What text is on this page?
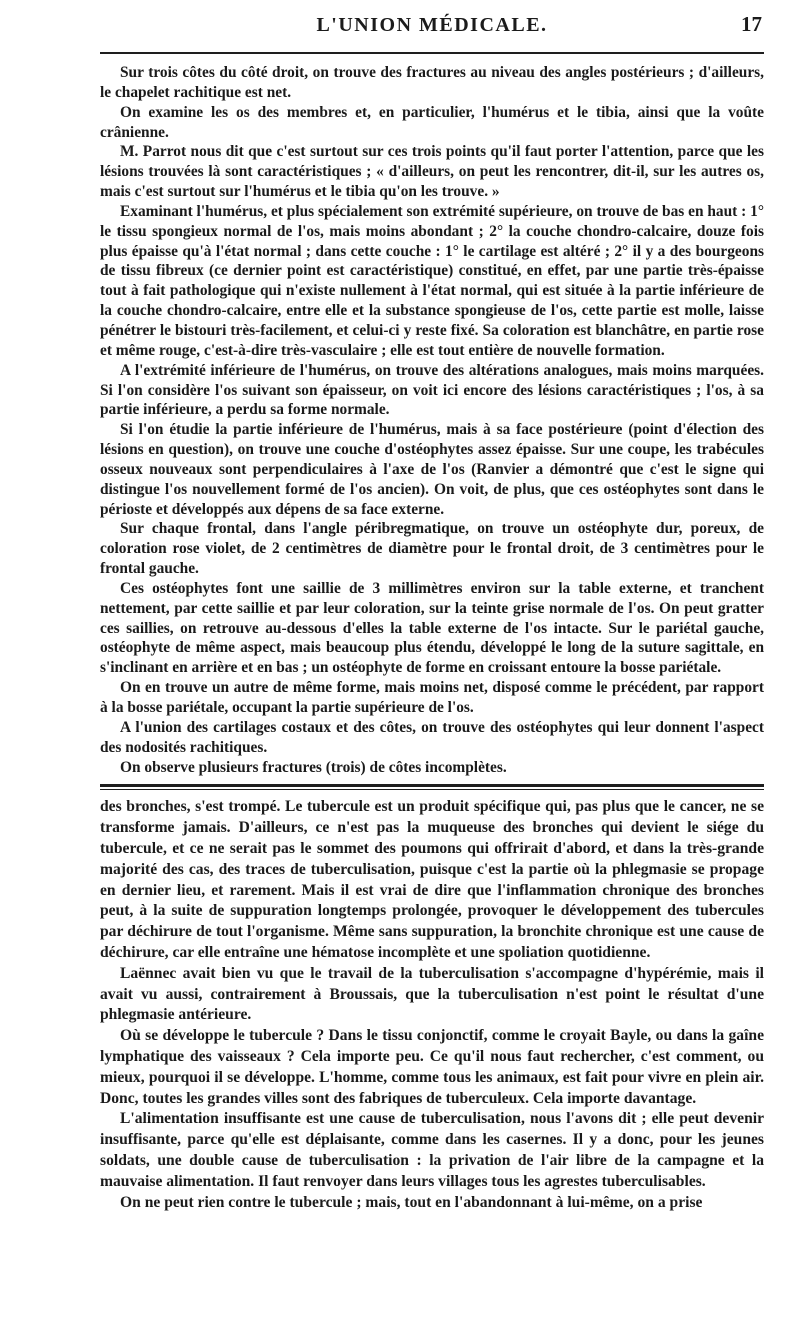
L'UNION MÉDICALE.	17

Sur trois côtes du côté droit, on trouve des fractures au niveau des angles postérieurs ; d'ailleurs, le chapelet rachitique est net.

On examine les os des membres et, en particulier, l'humérus et le tibia, ainsi que la voûte crânienne.

M. Parrot nous dit que c'est surtout sur ces trois points qu'il faut porter l'attention, parce que les lésions trouvées là sont caractéristiques ; « d'ailleurs, on peut les rencontrer, dit-il, sur les autres os, mais c'est surtout sur l'humérus et le tibia qu'on les trouve. »

Examinant l'humérus, et plus spécialement son extrémité supérieure, on trouve de bas en haut : 1° le tissu spongieux normal de l'os, mais moins abondant ; 2° la couche chondro-calcaire, douze fois plus épaisse qu'à l'état normal ; dans cette couche : 1° le cartilage est altéré ; 2° il y a des bourgeons de tissu fibreux (ce dernier point est caractéristique) constitué, en effet, par une partie très-épaisse tout à fait pathologique qui n'existe nullement à l'état normal, qui est située à la partie inférieure de la couche chondro-calcaire, entre elle et la substance spongieuse de l'os, cette partie est molle, laisse pénétrer le bistouri très-facilement, et celui-ci y reste fixé. Sa coloration est blanchâtre, en partie rose et même rouge, c'est-à-dire très-vasculaire ; elle est tout entière de nouvelle formation.

A l'extrémité inférieure de l'humérus, on trouve des altérations analogues, mais moins marquées. Si l'on considère l'os suivant son épaisseur, on voit ici encore des lésions caractéristiques ; l'os, à sa partie inférieure, a perdu sa forme normale.

Si l'on étudie la partie inférieure de l'humérus, mais à sa face postérieure (point d'élection des lésions en question), on trouve une couche d'ostéophytes assez épaisse. Sur une coupe, les trabécules osseux nouveaux sont perpendiculaires à l'axe de l'os (Ranvier a démontré que c'est le signe qui distingue l'os nouvellement formé de l'os ancien). On voit, de plus, que ces ostéophytes sont dans le périoste et développés aux dépens de sa face externe.

Sur chaque frontal, dans l'angle péribregmatique, on trouve un ostéophyte dur, poreux, de coloration rose violet, de 2 centimètres de diamètre pour le frontal droit, de 3 centimètres pour le frontal gauche.

Ces ostéophytes font une saillie de 3 millimètres environ sur la table externe, et tranchent nettement, par cette saillie et par leur coloration, sur la teinte grise normale de l'os. On peut gratter ces saillies, on retrouve au-dessous d'elles la table externe de l'os intacte. Sur le pariétal gauche, ostéophyte de même aspect, mais beaucoup plus étendu, développé le long de la suture sagittale, en s'inclinant en arrière et en bas ; un ostéophyte de forme en croissant entoure la bosse pariétale.

On en trouve un autre de même forme, mais moins net, disposé comme le précédent, par rapport à la bosse pariétale, occupant la partie supérieure de l'os.

A l'union des cartilages costaux et des côtes, on trouve des ostéophytes qui leur donnent l'aspect des nodosités rachitiques.

On observe plusieurs fractures (trois) de côtes incomplètes.

des bronches, s'est trompé. Le tubercule est un produit spécifique qui, pas plus que le cancer, ne se transforme jamais. D'ailleurs, ce n'est pas la muqueuse des bronches qui devient le siége du tubercule, et ce ne serait pas le sommet des poumons qui offrirait d'abord, et dans la très-grande majorité des cas, des traces de tuberculisation, puisque c'est la partie où la phlegmasie se propage en dernier lieu, et rarement. Mais il est vrai de dire que l'inflammation chronique des bronches peut, à la suite de suppuration longtemps prolongée, provoquer le développement des tubercules par déchirure de tout l'organisme. Même sans suppuration, la bronchite chronique est une cause de déchirure, car elle entraîne une hématose incomplète et une spoliation quotidienne.

Laënnec avait bien vu que le travail de la tuberculisation s'accompagne d'hypérémie, mais il avait vu aussi, contrairement à Broussais, que la tuberculisation n'est point le résultat d'une phlegmasie antérieure.

Où se développe le tubercule ? Dans le tissu conjonctif, comme le croyait Bayle, ou dans la gaîne lymphatique des vaisseaux ? Cela importe peu. Ce qu'il nous faut rechercher, c'est comment, ou mieux, pourquoi il se développe. L'homme, comme tous les animaux, est fait pour vivre en plein air. Donc, toutes les grandes villes sont des fabriques de tuberculeux. Cela importe davantage.

L'alimentation insuffisante est une cause de tuberculisation, nous l'avons dit ; elle peut devenir insuffisante, parce qu'elle est déplaisante, comme dans les casernes. Il y a donc, pour les jeunes soldats, une double cause de tuberculisation : la privation de l'air libre de la campagne et la mauvaise alimentation. Il faut renvoyer dans leurs villages tous les agrestes tuberculisables.

On ne peut rien contre le tubercule ; mais, tout en l'abandonnant à lui-même, on a prise
